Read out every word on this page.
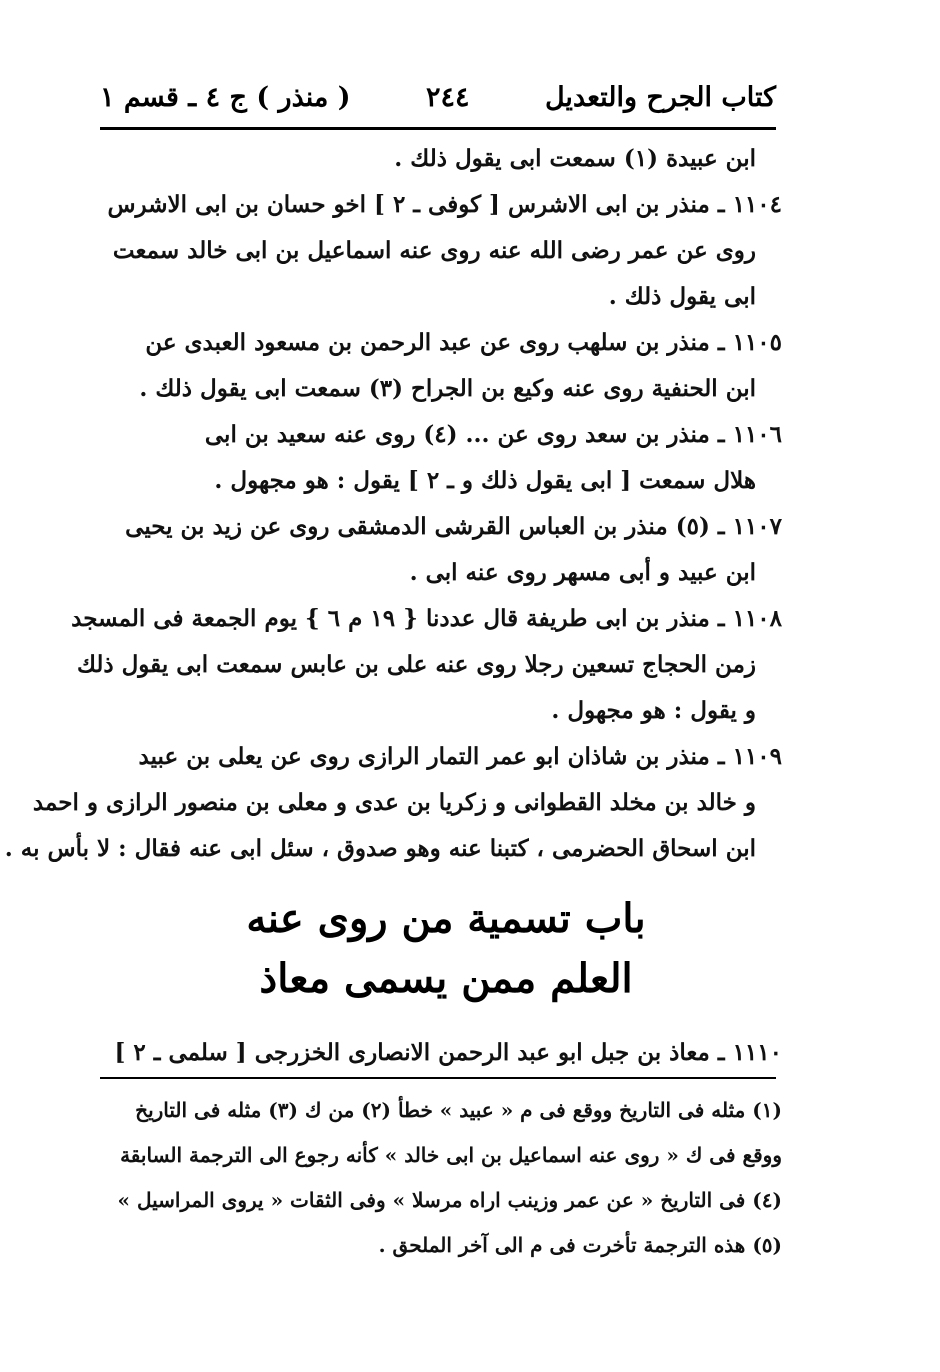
كتاب الجرح والتعديل
٢٤٤
( منذر ) ج ٤ ـ قسم ١
ابن عبيدة (١) سمعت ابى يقول ذلك .
١١٠٤ ـ منذر بن ابى الاشرس [ كوفى ـ ٢ ] اخو حسان بن ابى الاشرس
روى عن عمر رضى الله عنه روى عنه اسماعيل بن ابى خالد سمعت
ابى يقول ذلك .
١١٠٥ ـ منذر بن سلهب روى عن عبد الرحمن بن مسعود العبدى عن
ابن الحنفية روى عنه وكيع بن الجراح (٣) سمعت ابى يقول ذلك .
١١٠٦ ـ منذر بن سعد روى عن ... (٤) روى عنه سعيد بن ابى
هلال سمعت [ ابى يقول ذلك و ـ ٢ ] يقول : هو مجهول .
١١٠٧ ـ (٥) منذر بن العباس القرشى الدمشقى روى عن زيد بن يحيى
ابن عبيد و أبى مسهر روى عنه ابى .
١١٠٨ ـ منذر بن ابى طريفة قال عددنا { ١٩ م ٦ } يوم الجمعة فى المسجد
زمن الحجاج تسعين رجلا روى عنه على بن عابس سمعت ابى يقول ذلك
و يقول : هو مجهول .
١١٠٩ ـ منذر بن شاذان ابو عمر التمار الرازى روى عن يعلى بن عبيد
و خالد بن مخلد القطوانى و زكريا بن عدى و معلى بن منصور الرازى و احمد
ابن اسحاق الحضرمى ، كتبنا عنه وهو صدوق ، سئل ابى عنه فقال : لا بأس به .
باب تسمية من روى عنه
العلم ممن يسمى معاذ
١١١٠ ـ معاذ بن جبل ابو عبد الرحمن الانصارى الخزرجى [ سلمى ـ ٢ ]
(١) مثله فى التاريخ ووقع فى م « عبيد » خطأ (٢) من ك (٣) مثله فى التاريخ
ووقع فى ك « روى عنه اسماعيل بن ابى خالد » كأنه رجوع الى الترجمة السابقة
(٤) فى التاريخ « عن عمر وزينب اراه مرسلا » وفى الثقات « يروى المراسيل »
(٥) هذه الترجمة تأخرت فى م الى آخر الملحق .
